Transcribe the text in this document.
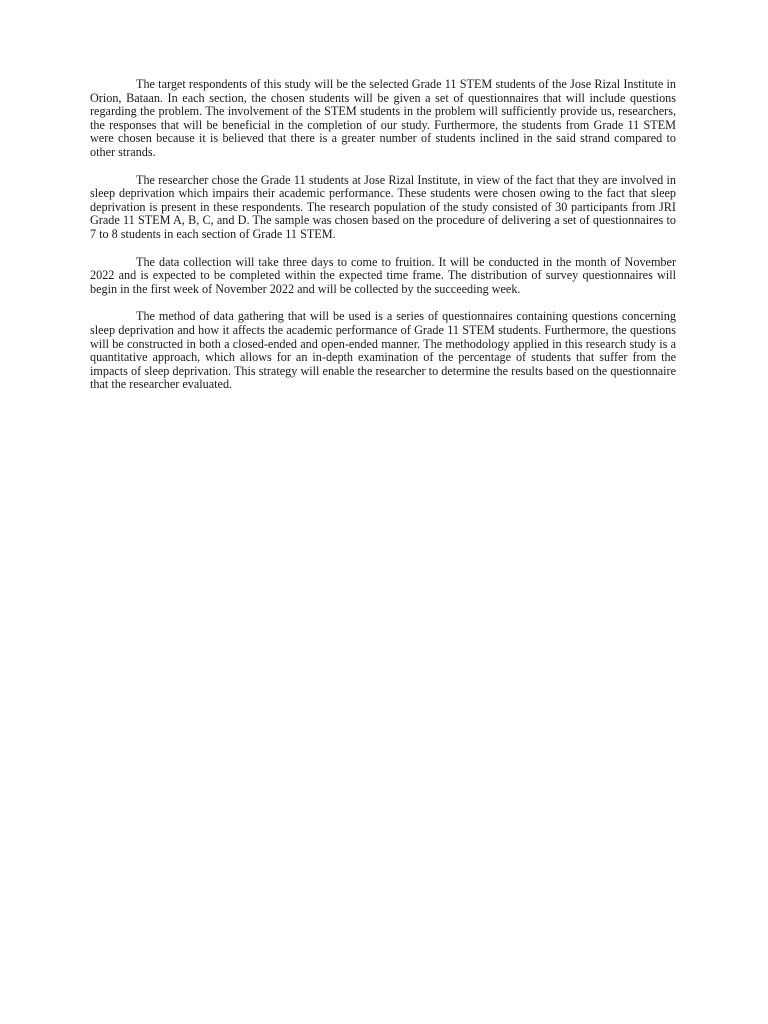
The target respondents of this study will be the selected Grade 11 STEM students of the Jose Rizal Institute in Orion, Bataan. In each section, the chosen students will be given a set of questionnaires that will include questions regarding the problem. The involvement of the STEM students in the problem will sufficiently provide us, researchers, the responses that will be beneficial in the completion of our study. Furthermore, the students from Grade 11 STEM were chosen because it is believed that there is a greater number of students inclined in the said strand compared to other strands.

The researcher chose the Grade 11 students at Jose Rizal Institute, in view of the fact that they are involved in sleep deprivation which impairs their academic performance. These students were chosen owing to the fact that sleep deprivation is present in these respondents. The research population of the study consisted of 30 participants from JRI Grade 11 STEM A, B, C, and D. The sample was chosen based on the procedure of delivering a set of questionnaires to 7 to 8 students in each section of Grade 11 STEM.

The data collection will take three days to come to fruition. It will be conducted in the month of November 2022 and is expected to be completed within the expected time frame. The distribution of survey questionnaires will begin in the first week of November 2022 and will be collected by the succeeding week.

The method of data gathering that will be used is a series of questionnaires containing questions concerning sleep deprivation and how it affects the academic performance of Grade 11 STEM students. Furthermore, the questions will be constructed in both a closed-ended and open-ended manner. The methodology applied in this research study is a quantitative approach, which allows for an in-depth examination of the percentage of students that suffer from the impacts of sleep deprivation. This strategy will enable the researcher to determine the results based on the questionnaire that the researcher evaluated.
